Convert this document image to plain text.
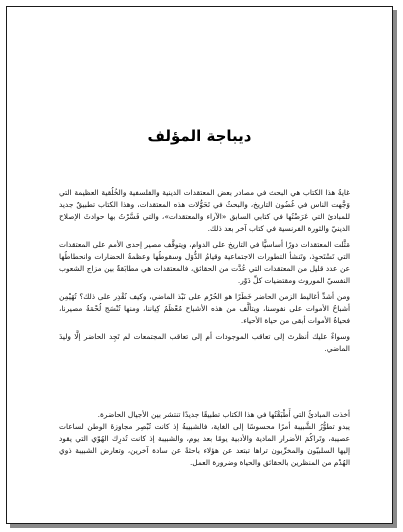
ديباجة المؤلف

غايةُ هذا الكتاب هي البحث في مصادر بعض المعتقدات الدينية والفلسفية والخُلُقية العظيمة التي وَجَّهت الناس في غُضُون التاريخ، والبحثُ في تَحَوُّلات هذه المعتقدات، وهذا الكتاب تطبيقٌ جديد للمبادئ التي عَرَضْتُها في كتابي السابق «الآراء والمعتقدات»، والتي فَسَّرْتُ بها حوادثَ الإصلاح الدينيّ والثورة الفرنسية في كتاب آخر بعد ذلك.

مَثَّلت المعتقدات دورًا أساسيًّا في التاريخ على الدوام، ويتوقَّف مصير إحدى الأمم على المعتقدات التي تَسْتَحوِذ، وتَنشأ التطورات الاجتماعية وقيامُ الدُّوَل وسقوطُها وعظمةُ الحضارات وانحطاطُها عن عدد قليل من المعتقدات التي عُدَّت من الحقائق، فالمعتقدات هي مطابَقةٌ بين مزاج الشعوب النفسيّ الموروث ومقتضيات كلِّ دَوْر.

ومن أشدِّ أغاليط الزمن الحاضر خَطَرًا هو الحُرْم على نَبْذ الماضي، وكيف نُقْدِر على ذلك؟ تُهَيْمِن أشباحُ الأموات على نفوسنا، ويتألَّف من هذه الأشباح مُعْظَمُ كِياننا، ومنها تُنْسَج لُحْمَةُ مصيرنا، فحياةُ الأموات أبقى من حياة الأحياء.

وسواءٌ عليك أنظرتَ إلى تعاقب الموجودات أم إلى تعاقب المجتمعات لم تَجِد الحاضر إلَّا وليدَ الماضي.

أخذت المبادئُ التي أَطْبَقْتُها في هذا الكتاب تطبيقًا جديدًا تنتشر بين الأجيال الحاضرة.

يبدو تطوُّرُ الشَّبيبة أمرًا محسوسًا إلى الغاية، فالشبيبةُ إذ كانت تُبْصِر مجاوزةَ الوطن لساعات عصيبة، وتَراكُمَ الأضرار المادية والأدبية يومًا بعد يوم، والشبيبة إذ كانت تُدرِك الهُوّي التي يقود إليها السلبيّون والمخرِّبون تراها تبتعد عن هؤلاء باحثةً عن سادة آخرين، وتعارض الشبيبة ذوي الهُدْم من المنظرين بالحقائق والحياة وضرورة العمل.
